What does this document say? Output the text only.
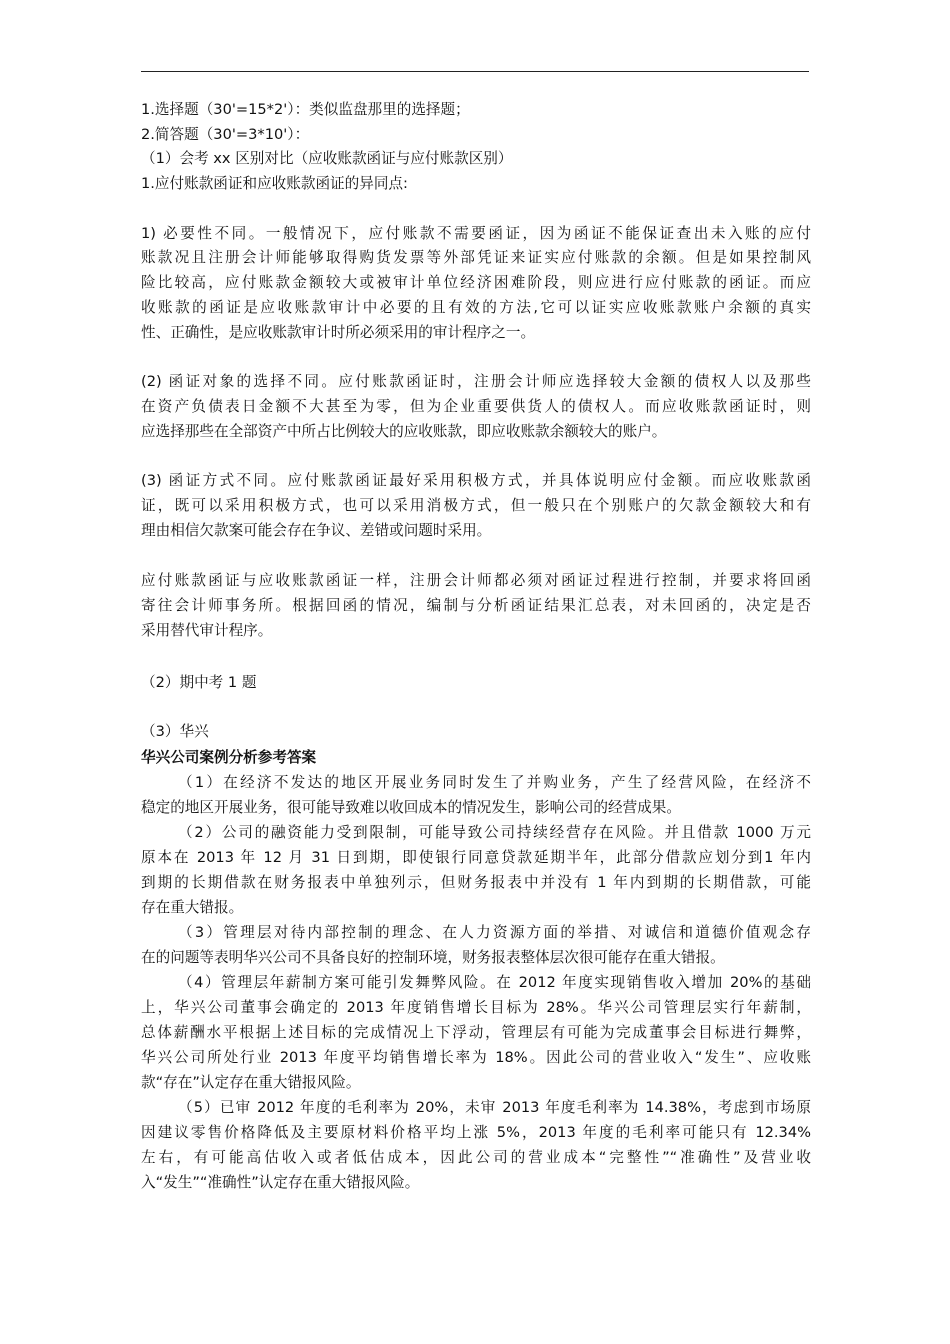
1.选择题（30'=15*2'）：类似监盘那里的选择题；
2.简答题（30'=3*10'）：
（1）会考 xx 区别对比（应收账款函证与应付账款区别）
1.应付账款函证和应收账款函证的异同点:
1) 必要性不同。一般情况下，应付账款不需要函证，因为函证不能保证查出未入账的应付
账款况且注册会计师能够取得购货发票等外部凭证来证实应付账款的余额。但是如果控制风
险比较高，应付账款金额较大或被审计单位经济困难阶段，则应进行应付账款的函证。而应
收账款的函证是应收账款审计中必要的且有效的方法,它可以证实应收账款账户余额的真实
性、正确性，是应收账款审计时所必须采用的审计程序之一。
(2) 函证对象的选择不同。应付账款函证时，注册会计师应选择较大金额的债权人以及那些
在资产负债表日金额不大甚至为零，但为企业重要供货人的债权人。而应收账款函证时，则
应选择那些在全部资产中所占比例较大的应收账款，即应收账款余额较大的账户。
(3) 函证方式不同。应付账款函证最好采用积极方式，并具体说明应付金额。而应收账款函
证，既可以采用积极方式，也可以采用消极方式，但一般只在个别账户的欠款金额较大和有
理由相信欠款案可能会存在争议、差错或问题时采用。
应付账款函证与应收账款函证一样，注册会计师都必须对函证过程进行控制，并要求将回函
寄往会计师事务所。根据回函的情况，编制与分析函证结果汇总表，对未回函的，决定是否
采用替代审计程序。
（2）期中考 1 题
（3）华兴
华兴公司案例分析参考答案
（1）在经济不发达的地区开展业务同时发生了并购业务，产生了经营风险，在经济不
稳定的地区开展业务，很可能导致难以收回成本的情况发生，影响公司的经营成果。
（2）公司的融资能力受到限制，可能导致公司持续经营存在风险。并且借款 1000 万元
原本在 2013 年 12 月 31 日到期，即使银行同意贷款延期半年，此部分借款应划分到1 年内
到期的长期借款在财务报表中单独列示，但财务报表中并没有 1 年内到期的长期借款，可能
存在重大错报。
（3）管理层对待内部控制的理念、在人力资源方面的举措、对诚信和道德价值观念存
在的问题等表明华兴公司不具备良好的控制环境，财务报表整体层次很可能存在重大错报。
（4）管理层年薪制方案可能引发舞弊风险。在 2012 年度实现销售收入增加 20%的基础
上，华兴公司董事会确定的 2013 年度销售增长目标为 28%。华兴公司管理层实行年薪制，
总体薪酬水平根据上述目标的完成情况上下浮动，管理层有可能为完成董事会目标进行舞弊，
华兴公司所处行业 2013 年度平均销售增长率为 18%。因此公司的营业收入“发生”、应收账
款“存在”认定存在重大错报风险。
（5）已审 2012 年度的毛利率为 20%，未审 2013 年度毛利率为 14.38%，考虑到市场原
因建议零售价格降低及主要原材料价格平均上涨 5%，2013 年度的毛利率可能只有 12.34%
左右，有可能高估收入或者低估成本，因此公司的营业成本“完整性”“准确性”及营业收
入“发生”“准确性”认定存在重大错报风险。
